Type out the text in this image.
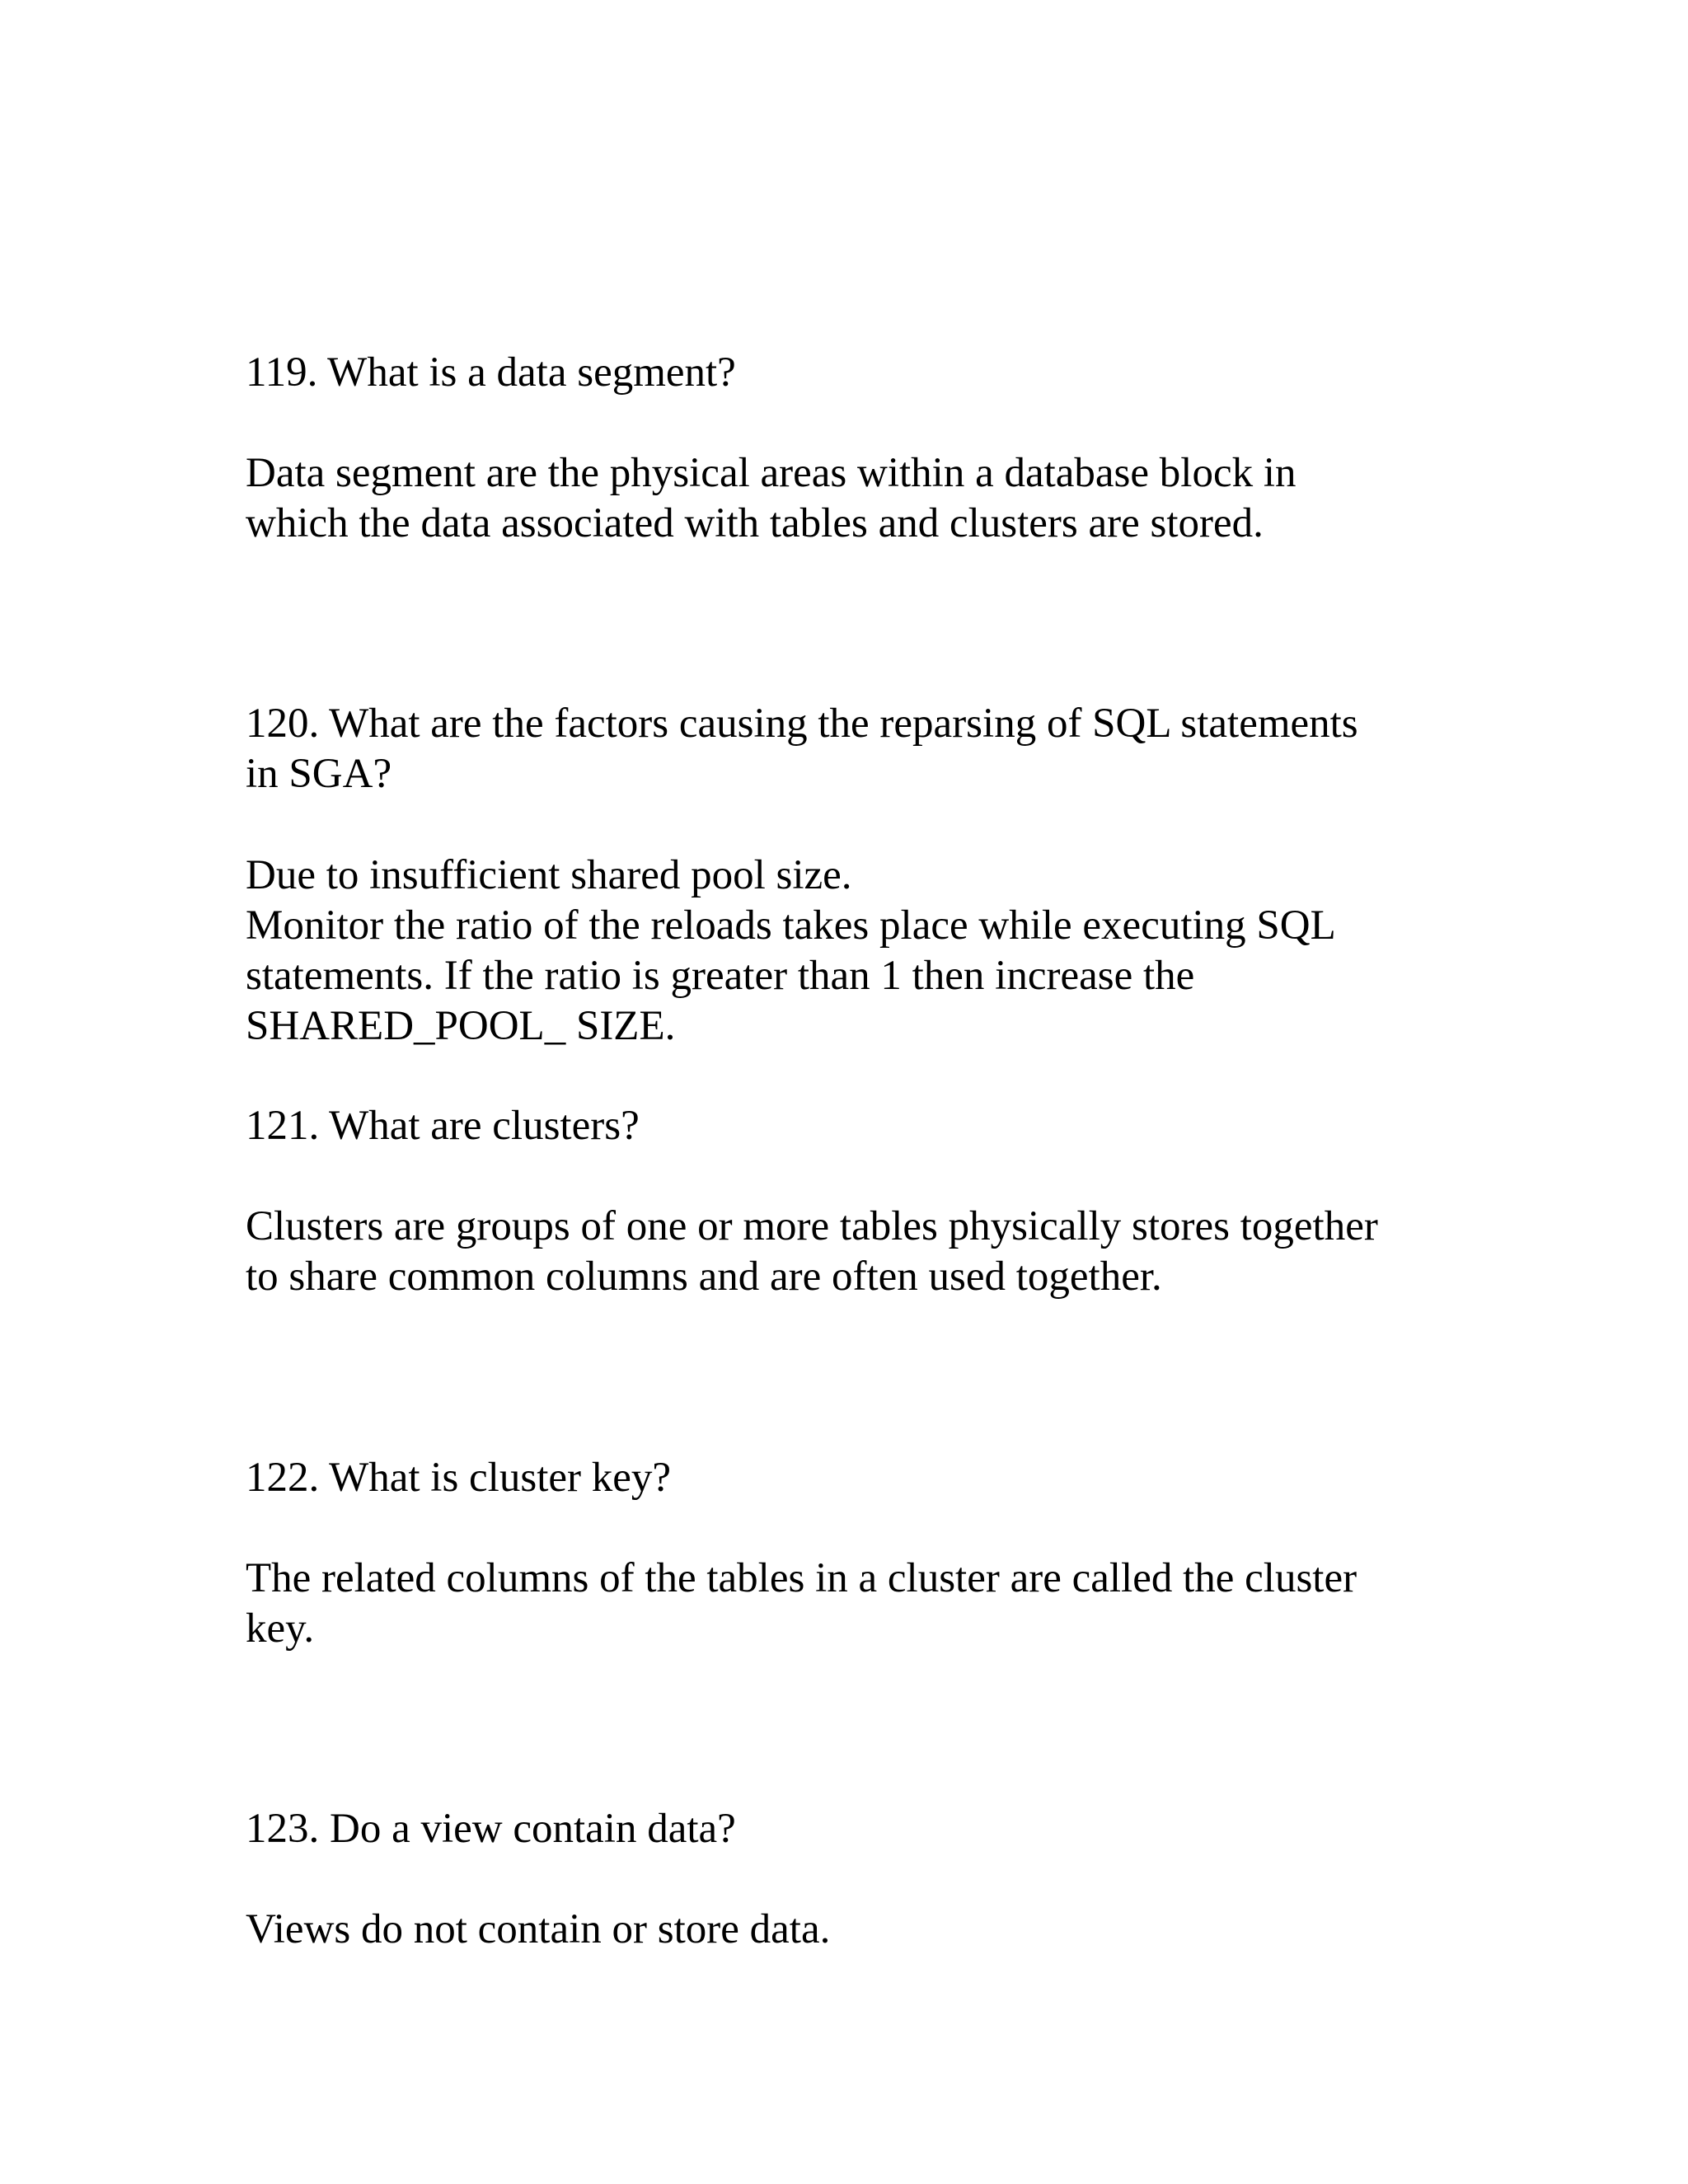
119. What is a data segment?

Data segment are the physical areas within a database block in
which the data associated with tables and clusters are stored.
120. What are the factors causing the reparsing of SQL statements
in SGA?
Due to insufficient shared pool size.
Monitor the ratio of the reloads takes place while executing SQL
statements. If the ratio is greater than 1 then increase the
SHARED_POOL_ SIZE.

121. What are clusters?

Clusters are groups of one or more tables physically stores together
to share common columns and are often used together.

122. What is cluster key?

The related columns of the tables in a cluster are called the cluster
key.

123. Do a view contain data?

Views do not contain or store data.
